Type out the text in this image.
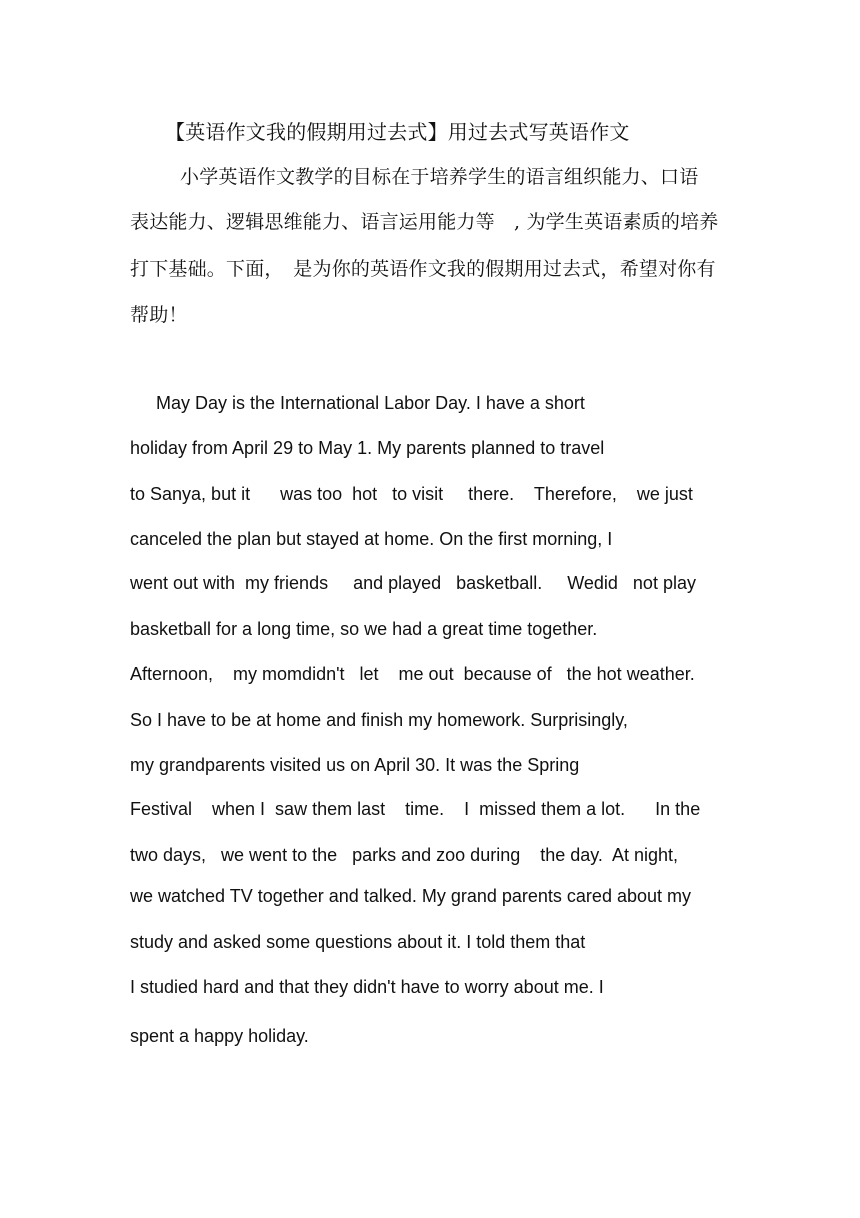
【英语作文我的假期用过去式】用过去式写英语作文
小学英语作文教学的目标在于培养学生的语言组织能力、口语
表达能力、逻辑思维能力、语言运用能力等　, 为学生英语素质的培养
打下基础。下面，　是为你的英语作文我的假期用过去式，希望对你有
帮助！
May Day is the International Labor Day. I have a short
holiday from April 29 to May 1. My parents planned to travel
to Sanya, but it      was too  hot   to visit     there.    Therefore,    we just
canceled the plan but stayed at home. On the first morning, I
went out with  my friends     and played   basketball.     Wedid   not play
basketball for a long time, so we had a great time together.
Afternoon,    my momdidn't   let    me out  because of   the hot weather.
So I have to be at home and finish my homework. Surprisingly,
my grandparents visited us on April 30. It was the Spring
Festival    when I  saw them last    time.    I  missed them a lot.      In the
two days,   we went to the   parks and zoo during    the day.  At night,
we watched TV together and talked. My grand parents cared about my
study and asked some questions about it. I told them that
I studied hard and that they didn't have to worry about me. I
spent a happy holiday.
